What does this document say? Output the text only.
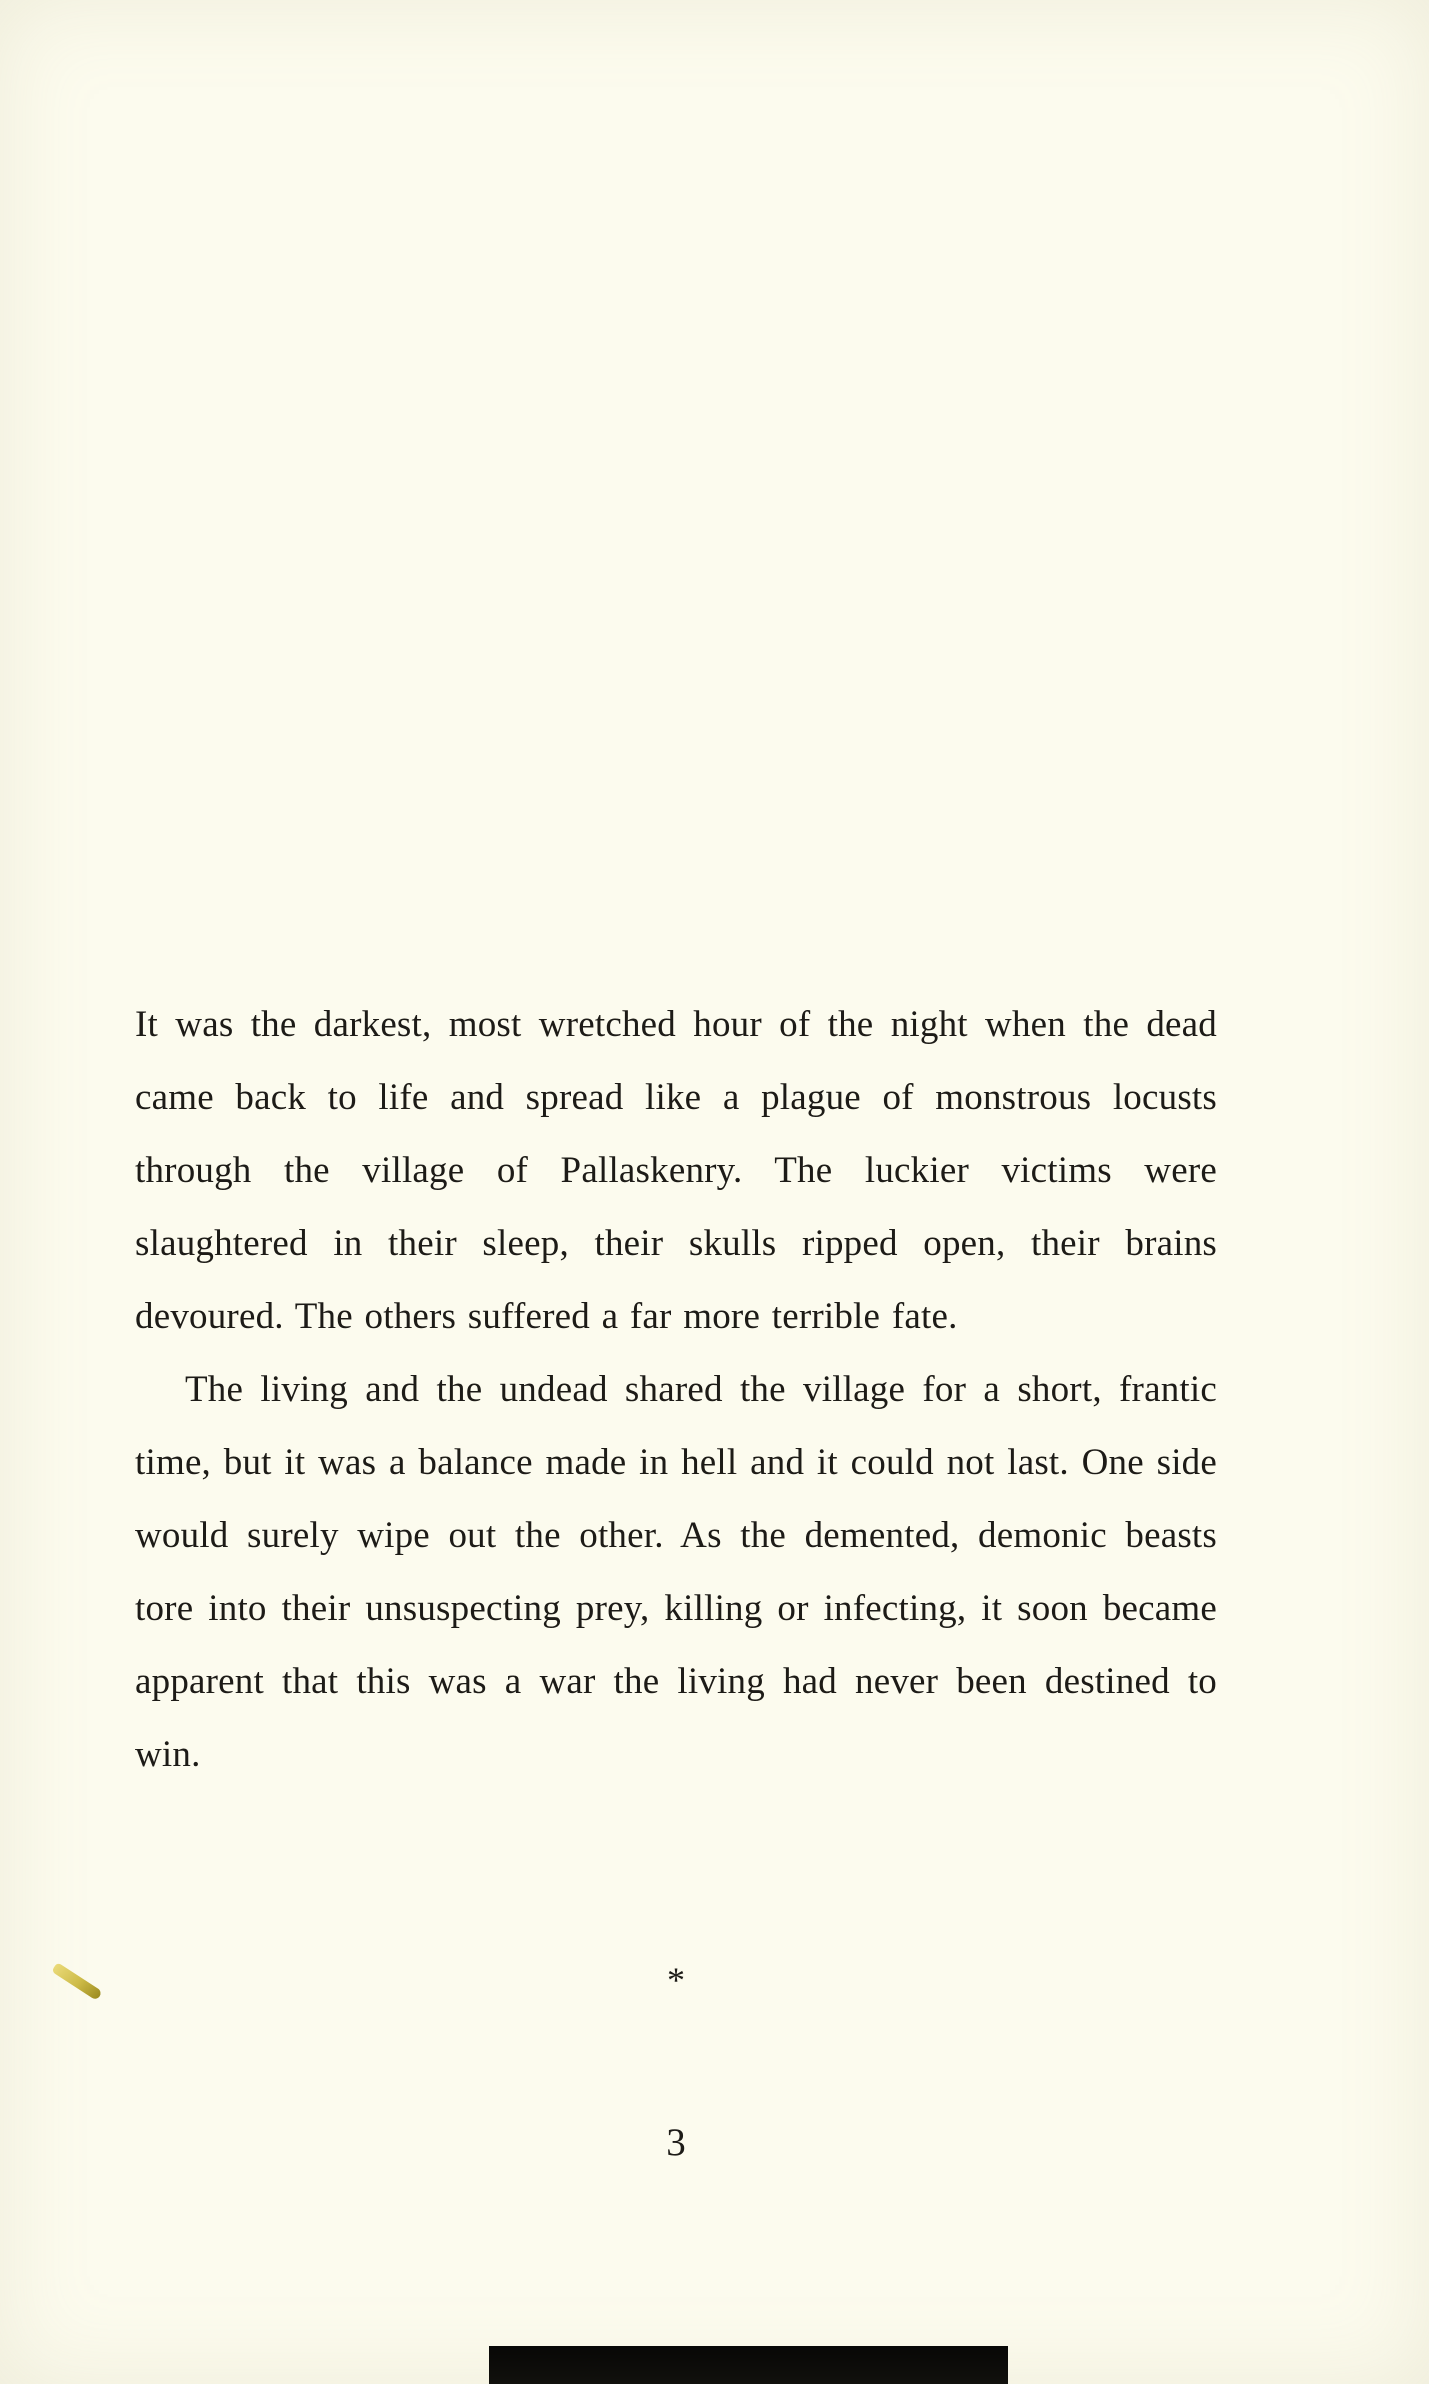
It was the darkest, most wretched hour of the night when the dead came back to life and spread like a plague of monstrous locusts through the village of Pallaskenry. The luckier victims were slaughtered in their sleep, their skulls ripped open, their brains devoured. The others suffered a far more terrible fate.

The living and the undead shared the village for a short, frantic time, but it was a balance made in hell and it could not last. One side would surely wipe out the other. As the demented, demonic beasts tore into their unsuspecting prey, killing or infecting, it soon became apparent that this was a war the living had never been destined to win.

*
3
